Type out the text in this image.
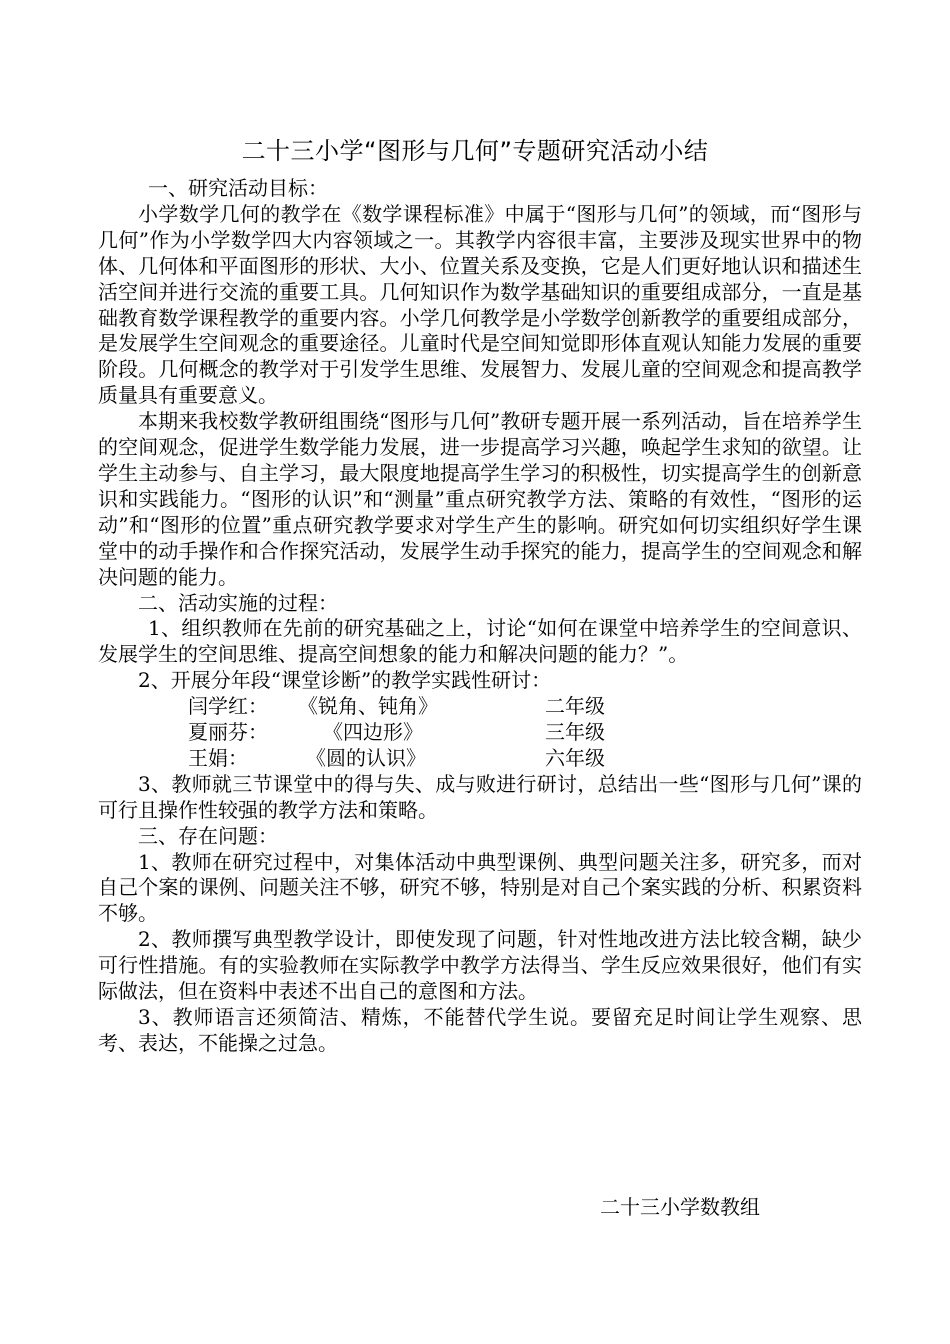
二十三小学“图形与几何”专题研究活动小结

一、研究活动目标：

小学数学几何的教学在《数学课程标准》中属于“图形与几何”的领域，而“图形与几何”作为小学数学四大内容领域之一。其教学内容很丰富，主要涉及现实世界中的物体、几何体和平面图形的形状、大小、位置关系及变换，它是人们更好地认识和描述生活空间并进行交流的重要工具。几何知识作为数学基础知识的重要组成部分，一直是基础教育数学课程教学的重要内容。小学几何教学是小学数学创新教学的重要组成部分，是发展学生空间观念的重要途径。儿童时代是空间知觉即形体直观认知能力发展的重要阶段。几何概念的教学对于引发学生思维、发展智力、发展儿童的空间观念和提高教学质量具有重要意义。

本期来我校数学教研组围绕“图形与几何”教研专题开展一系列活动，旨在培养学生的空间观念，促进学生数学能力发展，进一步提高学习兴趣，唤起学生求知的欲望。让学生主动参与、自主学习，最大限度地提高学生学习的积极性，切实提高学生的创新意识和实践能力。“图形的认识”和“测量”重点研究教学方法、策略的有效性，“图形的运动”和“图形的位置”重点研究教学要求对学生产生的影响。研究如何切实组织好学生课堂中的动手操作和合作探究活动，发展学生动手探究的能力，提高学生的空间观念和解决问题的能力。

二、活动实施的过程：

1、组织教师在先前的研究基础之上，讨论“如何在课堂中培养学生的空间意识、发展学生的空间思维、提高空间想象的能力和解决问题的能力？”。

2、开展分年段“课堂诊断”的教学实践性研讨：

闫学红： 《锐角、钝角》	二年级
夏丽芬：	《四边形》	三年级
王娟：	《圆的认识》	六年级

3、教师就三节课堂中的得与失、成与败进行研讨，总结出一些“图形与几何”课的可行且操作性较强的教学方法和策略。

三、存在问题：

1、教师在研究过程中，对集体活动中典型课例、典型问题关注多，研究多，而对自己个案的课例、问题关注不够，研究不够，特别是对自己个案实践的分析、积累资料不够。

2、教师撰写典型教学设计，即使发现了问题，针对性地改进方法比较含糊，缺少可行性措施。有的实验教师在实际教学中教学方法得当、学生反应效果很好，他们有实际做法，但在资料中表述不出自己的意图和方法。

3、教师语言还须简洁、精炼，不能替代学生说。要留充足时间让学生观察、思考、表达，不能操之过急。

二十三小学数教组
